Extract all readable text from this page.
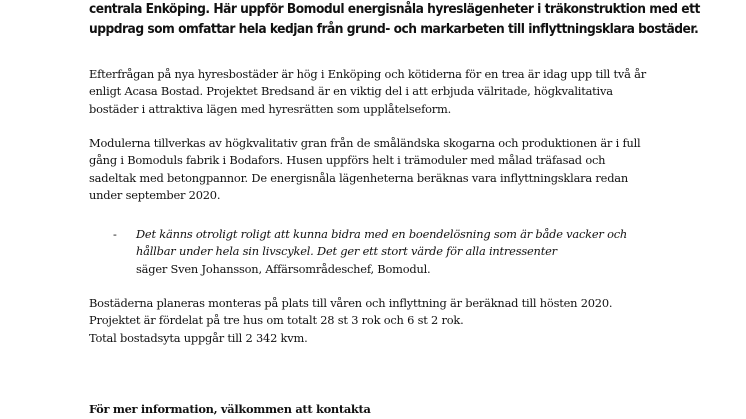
centrala Enköping. Här uppför Bomodul energisnåla hyreslägenheter i träkonstruktion med ett
uppdrag som omfattar hela kedjan från grund- och markarbeten till inflyttningsklara bostäder.
Efterfrågan på nya hyresbostäder är hög i Enköping och kötiderna för en trea är idag upp till två år
enligt Acasa Bostad. Projektet Bredsand är en viktig del i att erbjuda välritade, högkvalitativa
bostäder i attraktiva lägen med hyresrätten som upplåtelseform.
Modulerna tillverkas av högkvalitativ gran från de småländska skogarna och produktionen är i full
gång i Bomoduls fabrik i Bodafors. Husen uppförs helt i trämoduler med målad träfasad och
sadeltak med betongpannor. De energisnåla lägenheterna beräknas vara inflyttningsklara redan
under september 2020.
- Det känns otroligt roligt att kunna bidra med en boendelösning som är både vacker och
hållbar under hela sin livscykel. Det ger ett stort värde för alla intressenter
säger Sven Johansson, Affärsområdeschef, Bomodul.
Bostäderna planeras monteras på plats till våren och inflyttning är beräknad till hösten 2020.
Projektet är fördelat på tre hus om totalt 28 st 3 rok och 6 st 2 rok.
Total bostadsyta uppgår till 2 342 kvm.
För mer information, välkommen att kontakta
